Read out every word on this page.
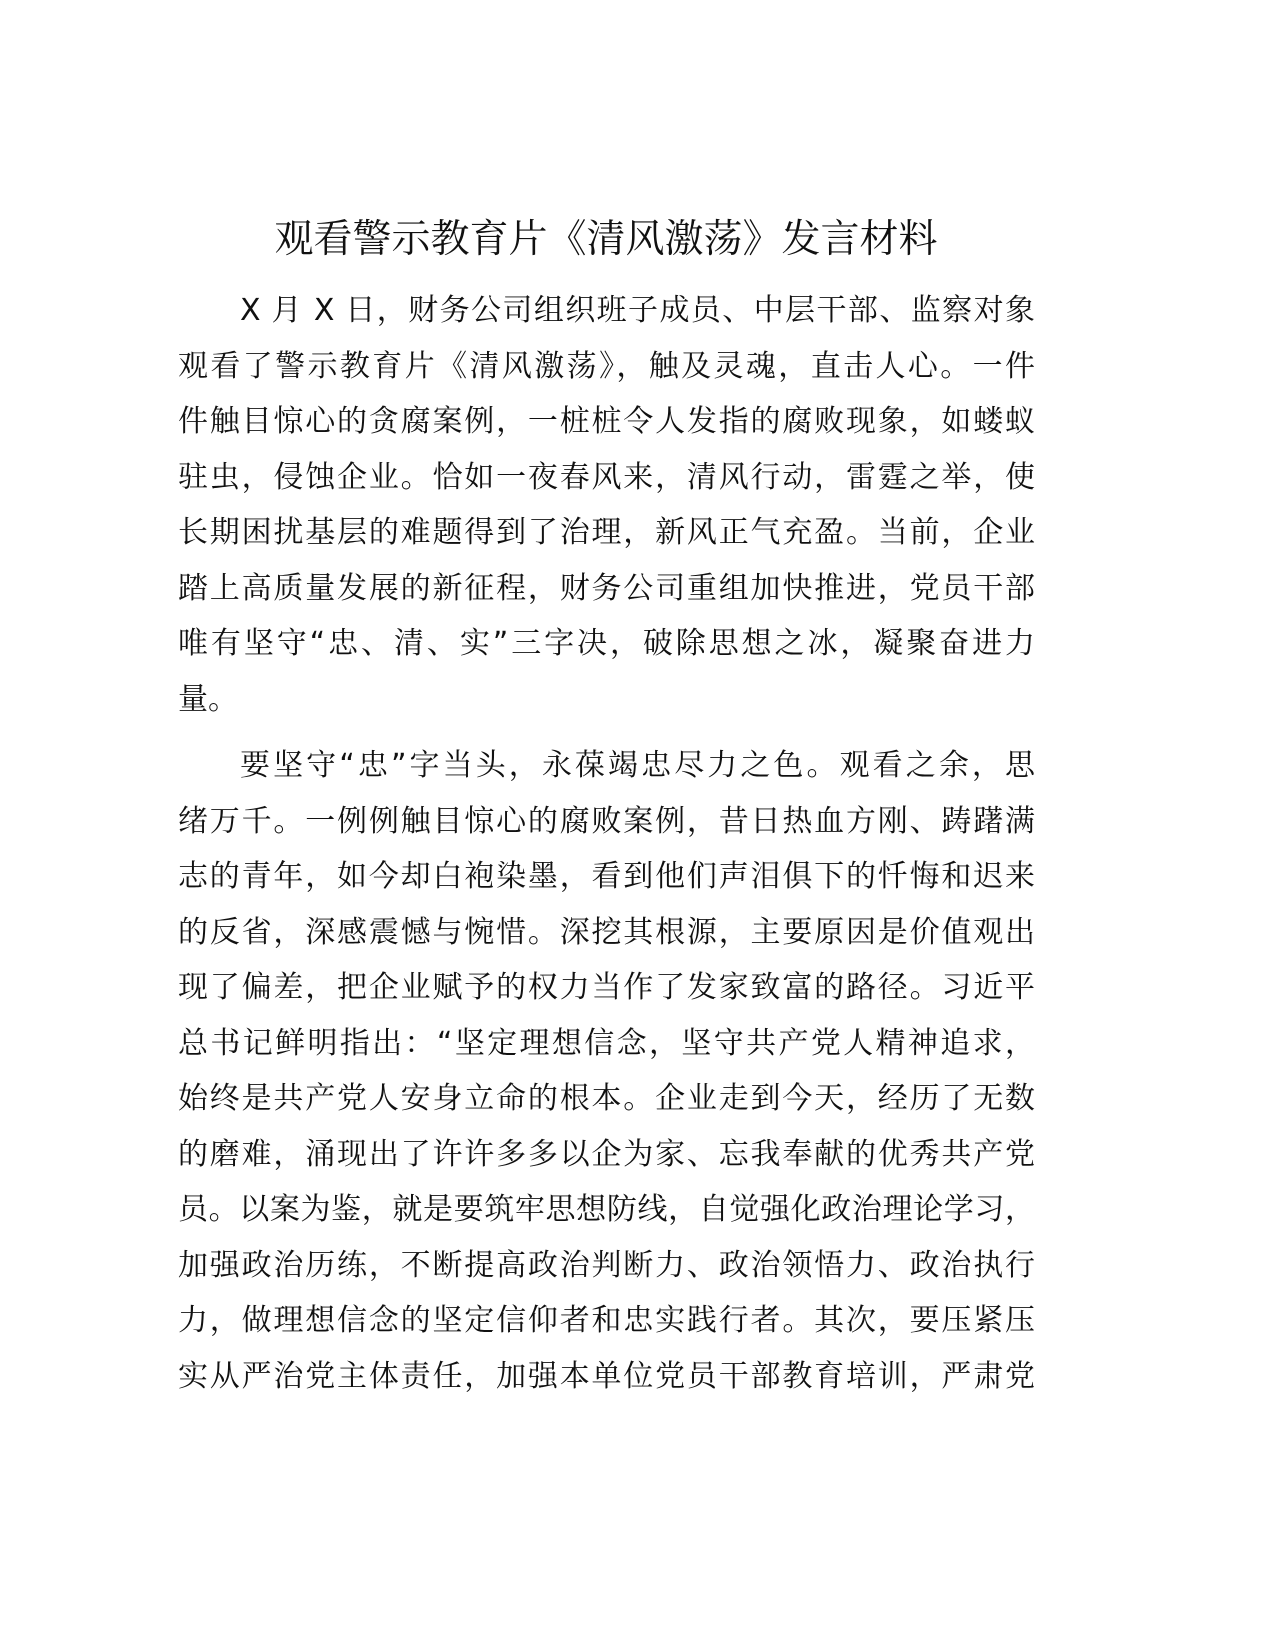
观看警示教育片《清风激荡》发言材料
X 月 X 日，财务公司组织班子成员、中层干部、监察对象
观看了警示教育片《清风激荡》，触及灵魂，直击人心。一件
件触目惊心的贪腐案例，一桩桩令人发指的腐败现象，如蝼蚁
驻虫，侵蚀企业。恰如一夜春风来，清风行动，雷霆之举，使
长期困扰基层的难题得到了治理，新风正气充盈。当前，企业
踏上高质量发展的新征程，财务公司重组加快推进，党员干部
唯有坚守“忠、清、实”三字决，破除思想之冰，凝聚奋进力
量。
要坚守“忠”字当头，永葆竭忠尽力之色。观看之余，思
绪万千。一例例触目惊心的腐败案例，昔日热血方刚、踌躇满
志的青年，如今却白袍染墨，看到他们声泪俱下的忏悔和迟来
的反省，深感震憾与惋惜。深挖其根源，主要原因是价值观出
现了偏差，把企业赋予的权力当作了发家致富的路径。习近平
总书记鲜明指出：“坚定理想信念，坚守共产党人精神追求，
始终是共产党人安身立命的根本。企业走到今天，经历了无数
的磨难，涌现出了许许多多以企为家、忘我奉献的优秀共产党
员。以案为鉴，就是要筑牢思想防线，自觉强化政治理论学习，
加强政治历练，不断提高政治判断力、政治领悟力、政治执行
力，做理想信念的坚定信仰者和忠实践行者。其次，要压紧压
实从严治党主体责任，加强本单位党员干部教育培训，严肃党
